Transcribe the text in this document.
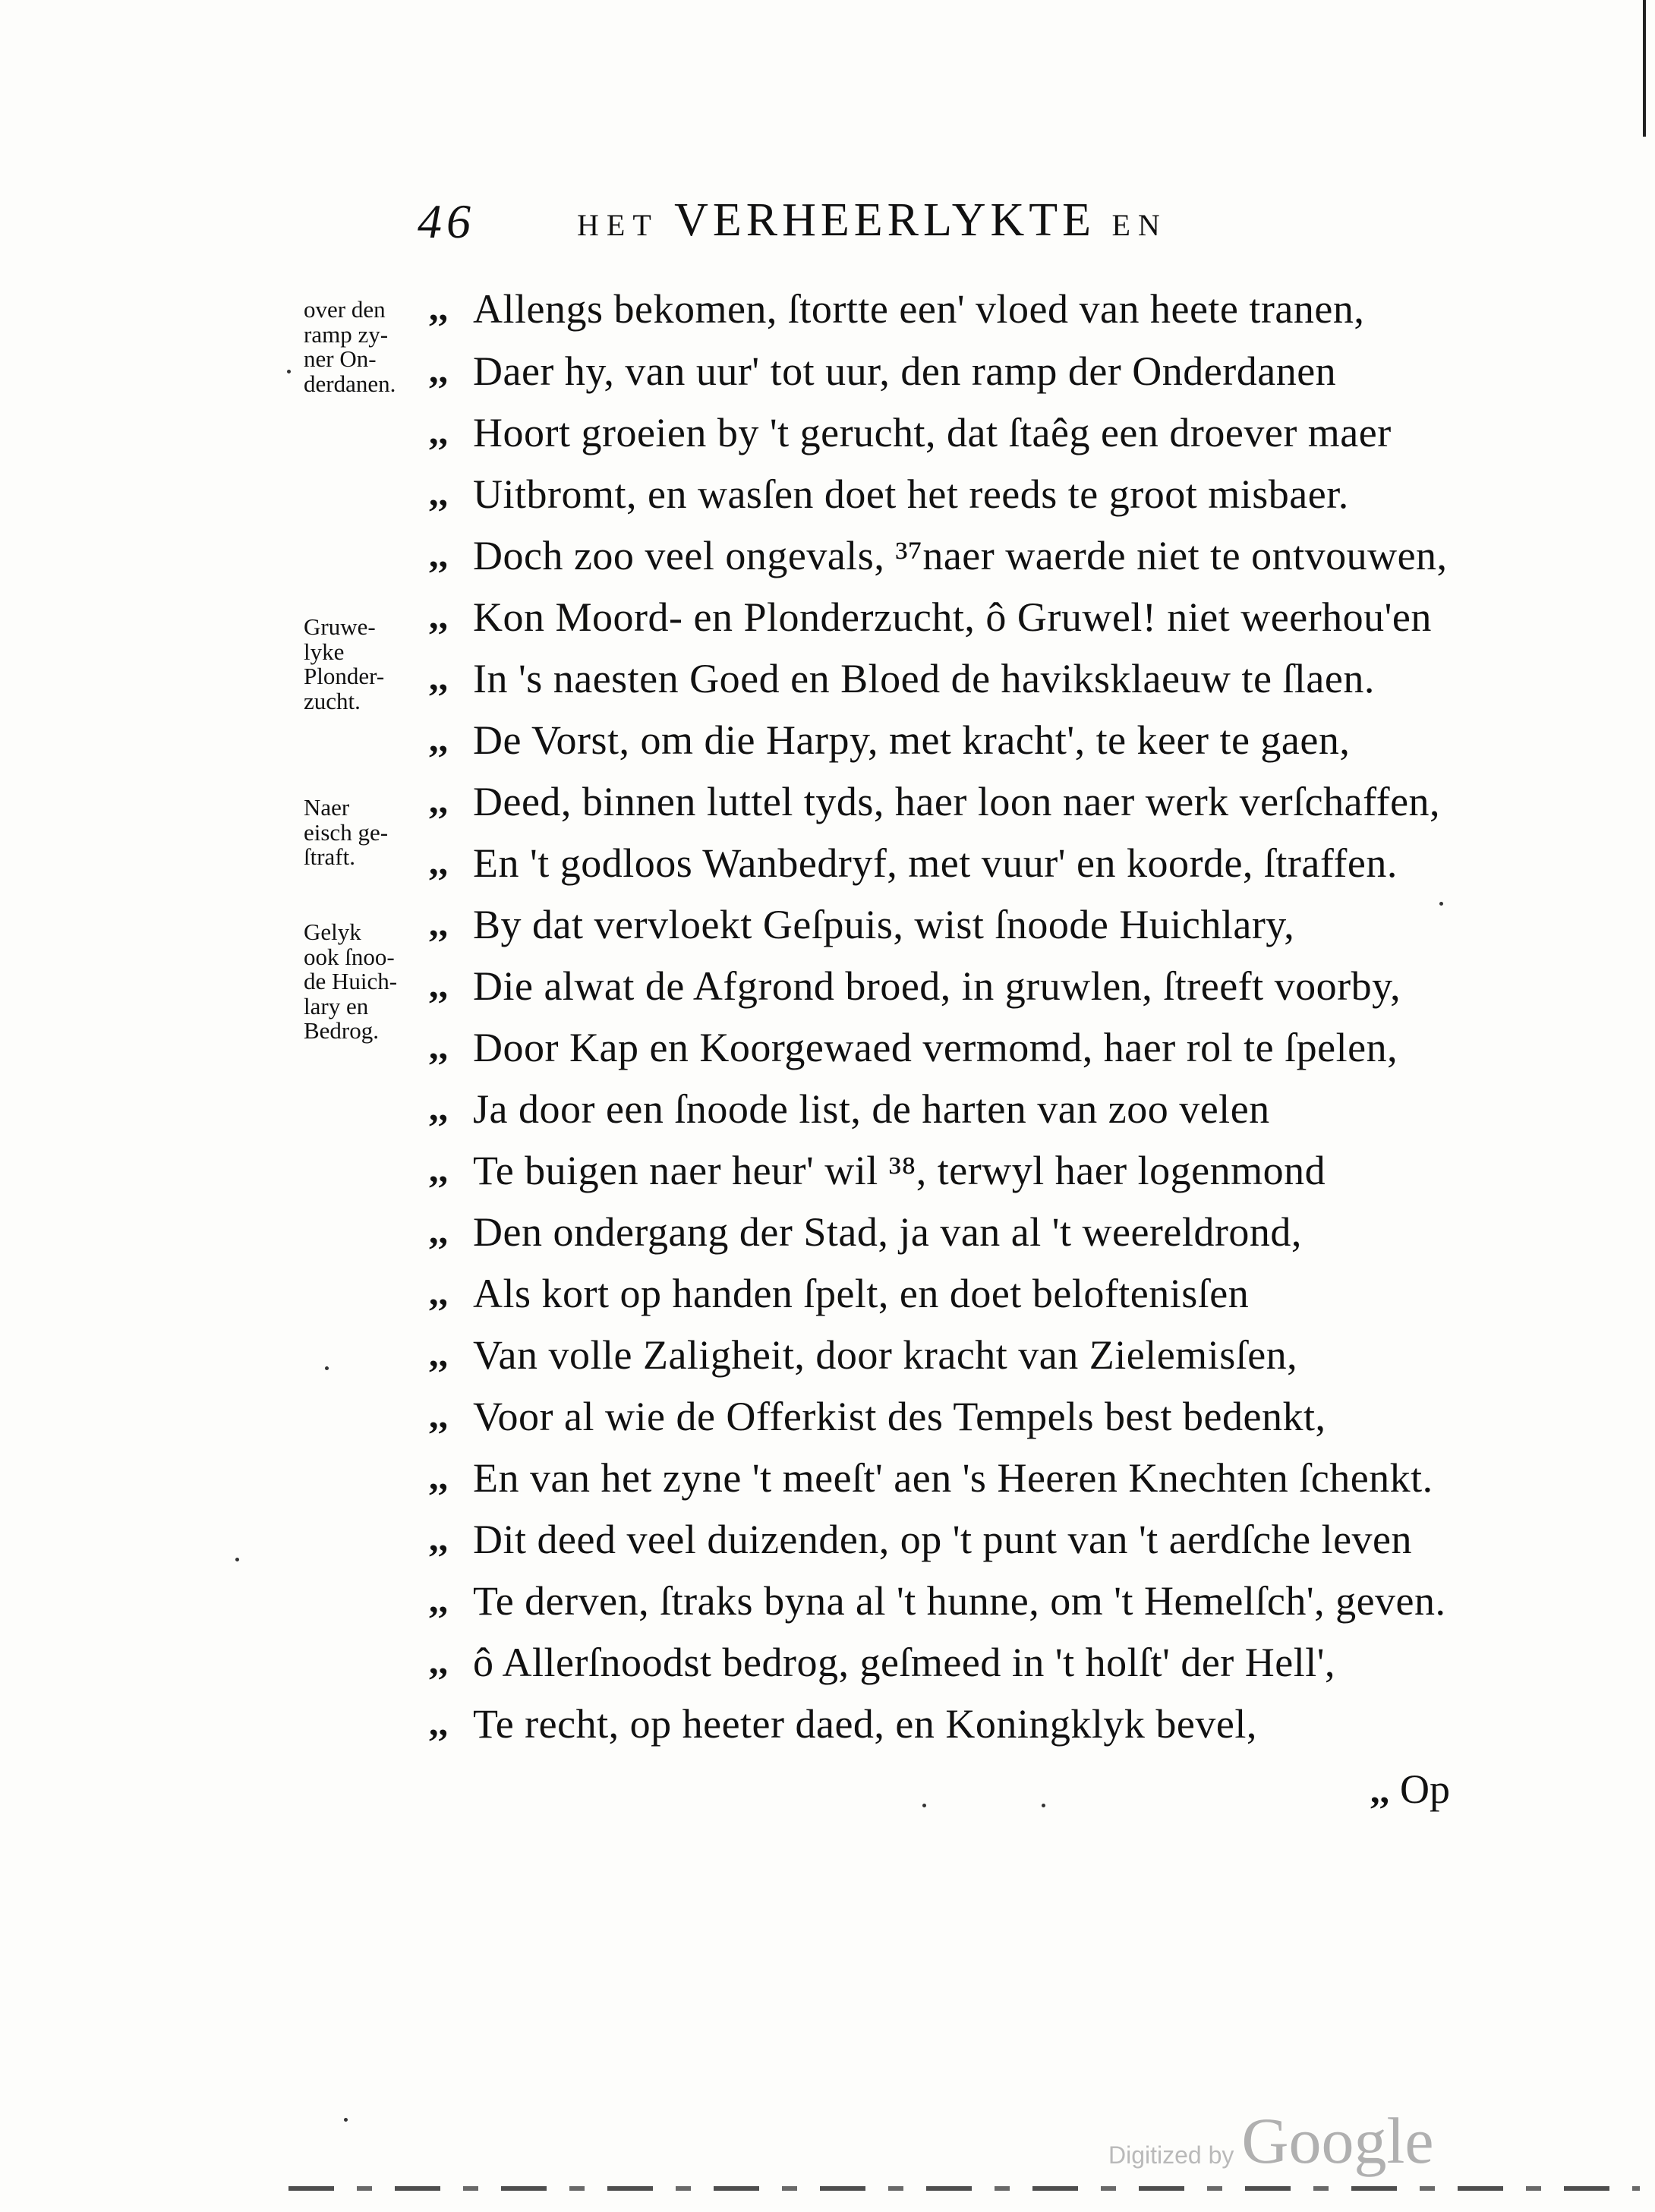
46	HET VERHEERLYKTE EN
over den
ramp zy-
ner On-
derdanen.
Gruwe-
lyke
Plonder-
zucht.
Naer
eisch ge-
ſtraft.
Gelyk
ook ſnoo-
de Huich-
lary en
Bedrog.
,, Allengs bekomen, ſtortte een' vloed van heete tranen,
,, Daer hy, van uur' tot uur, den ramp der Onderdanen
,, Hoort groeien by 't gerucht, dat ſtaêg een droever maer
,, Uitbromt, en wasſen doet het reeds te groot misbaer.
,, Doch zoo veel ongevals, ³⁷naer waerde niet te ontvouwen,
,, Kon Moord- en Plonderzucht, ô Gruwel! niet weerhou'en
,, In 's naesten Goed en Bloed de haviksklaeuw te ſlaen.
,, De Vorst, om die Harpy, met kracht', te keer te gaen,
,, Deed, binnen luttel tyds, haer loon naer werk verſchaffen,
,, En 't godloos Wanbedryf, met vuur' en koorde, ſtraffen.
,, By dat vervloekt Geſpuis, wist ſnoode Huichlary,
,, Die alwat de Afgrond broed, in gruwlen, ſtreeft voorby,
,, Door Kap en Koorgewaed vermomd, haer rol te ſpelen,
,, Ja door een ſnoode list, de harten van zoo velen
,, Te buigen naer heur' wil ³⁸, terwyl haer logenmond
,, Den ondergang der Stad, ja van al 't weereldrond,
,, Als kort op handen ſpelt, en doet beloftenisſen
,, Van volle Zaligheit, door kracht van Zielemisſen,
,, Voor al wie de Offerkist des Tempels best bedenkt,
,, En van het zyne 't meeſt' aen 's Heeren Knechten ſchenkt.
,, Dit deed veel duizenden, op 't punt van 't aerdſche leven
,, Te derven, ſtraks byna al 't hunne, om 't Hemelſch', geven.
,, ô Allerſnoodst bedrog, geſmeed in 't holſt' der Hell',
,, Te recht, op heeter daed, en Koningklyk bevel,
,, Op
Digitized by Google
